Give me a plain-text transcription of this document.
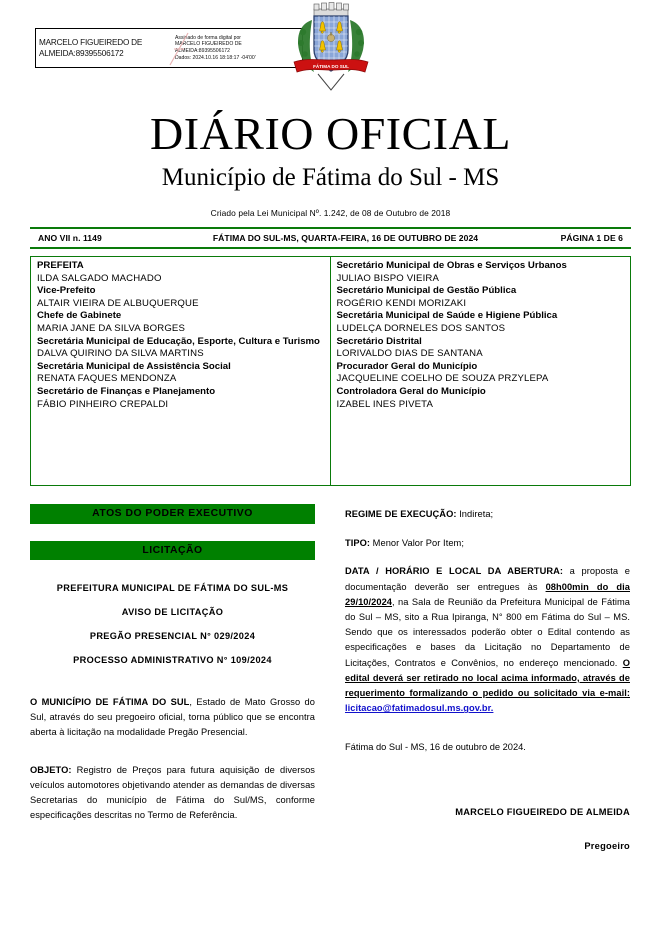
MARCELO FIGUEIREDO DE
ALMEIDA:89395506172
Assinado de forma digital por
MARCELO FIGUEIREDO DE
ALMEIDA:89395506172
Dados: 2024.10.16 18:18:17 -04'00'
FÁTIMA DO SUL
DIÁRIO OFICIAL
Município de Fátima do Sul - MS
Criado pela Lei Municipal Nº. 1.242, de 08 de Outubro de 2018
ANO VII n. 1149	FÁTIMA DO SUL-MS, QUARTA-FEIRA, 16 DE OUTUBRO DE 2024	PÁGINA 1 DE 6
PREFEITA
ILDA SALGADO MACHADO
Vice-Prefeito
ALTAIR VIEIRA DE ALBUQUERQUE
Chefe de Gabinete
MARIA JANE DA SILVA BORGES
Secretária Municipal de Educação, Esporte, Cultura e Turismo
DALVA QUIRINO DA SILVA MARTINS
Secretária Municipal de Assistência Social
RENATA FAQUES MENDONZA
Secretário de Finanças e Planejamento
FÁBIO PINHEIRO CREPALDI
Secretário Municipal de Obras e Serviços Urbanos
JULIAO BISPO VIEIRA
Secretário Municipal de Gestão Pública
ROGÉRIO KENDI MORIZAKI
Secretária Municipal de Saúde e Higiene Pública
LUDELÇA DORNELES DOS SANTOS
Secretário Distrital
LORIVALDO DIAS DE SANTANA
Procurador Geral do Município
JACQUELINE COELHO DE SOUZA PRZYLEPA
Controladora Geral do Município
IZABEL INES PIVETA
ATOS DO PODER EXECUTIVO
LICITAÇÃO
PREFEITURA MUNICIPAL DE FÁTIMA DO SUL-MS
AVISO DE LICITAÇÃO
PREGÃO PRESENCIAL N° 029/2024
PROCESSO ADMINISTRATIVO N° 109/2024

O MUNICÍPIO DE FÁTIMA DO SUL, Estado de Mato Grosso do Sul, através do seu pregoeiro oficial, torna público que se encontra aberta à licitação na modalidade Pregão Presencial.

OBJETO: Registro de Preços para futura aquisição de diversos veículos automotores objetivando atender as demandas de diversas Secretarias do município de Fátima do Sul/MS, conforme especificações descritas no Termo de Referência.

REGIME DE EXECUÇÃO: Indireta;

TIPO: Menor Valor Por Item;

DATA / HORÁRIO E LOCAL DA ABERTURA: a proposta e documentação deverão ser entregues às 08h00min do dia 29/10/2024, na Sala de Reunião da Prefeitura Municipal de Fátima do Sul – MS, sito a Rua Ipiranga, N° 800 em Fátima do Sul – MS. Sendo que os interessados poderão obter o Edital contendo as especificações e bases da Licitação no Departamento de Licitações, Contratos e Convênios, no endereço mencionado. O edital deverá ser retirado no local acima informado, através de requerimento formalizando o pedido ou solicitado via e-mail: licitacao@fatimadosul.ms.gov.br.

Fátima do Sul - MS, 16 de outubro de 2024.
MARCELO FIGUEIREDO DE ALMEIDA
Pregoeiro
